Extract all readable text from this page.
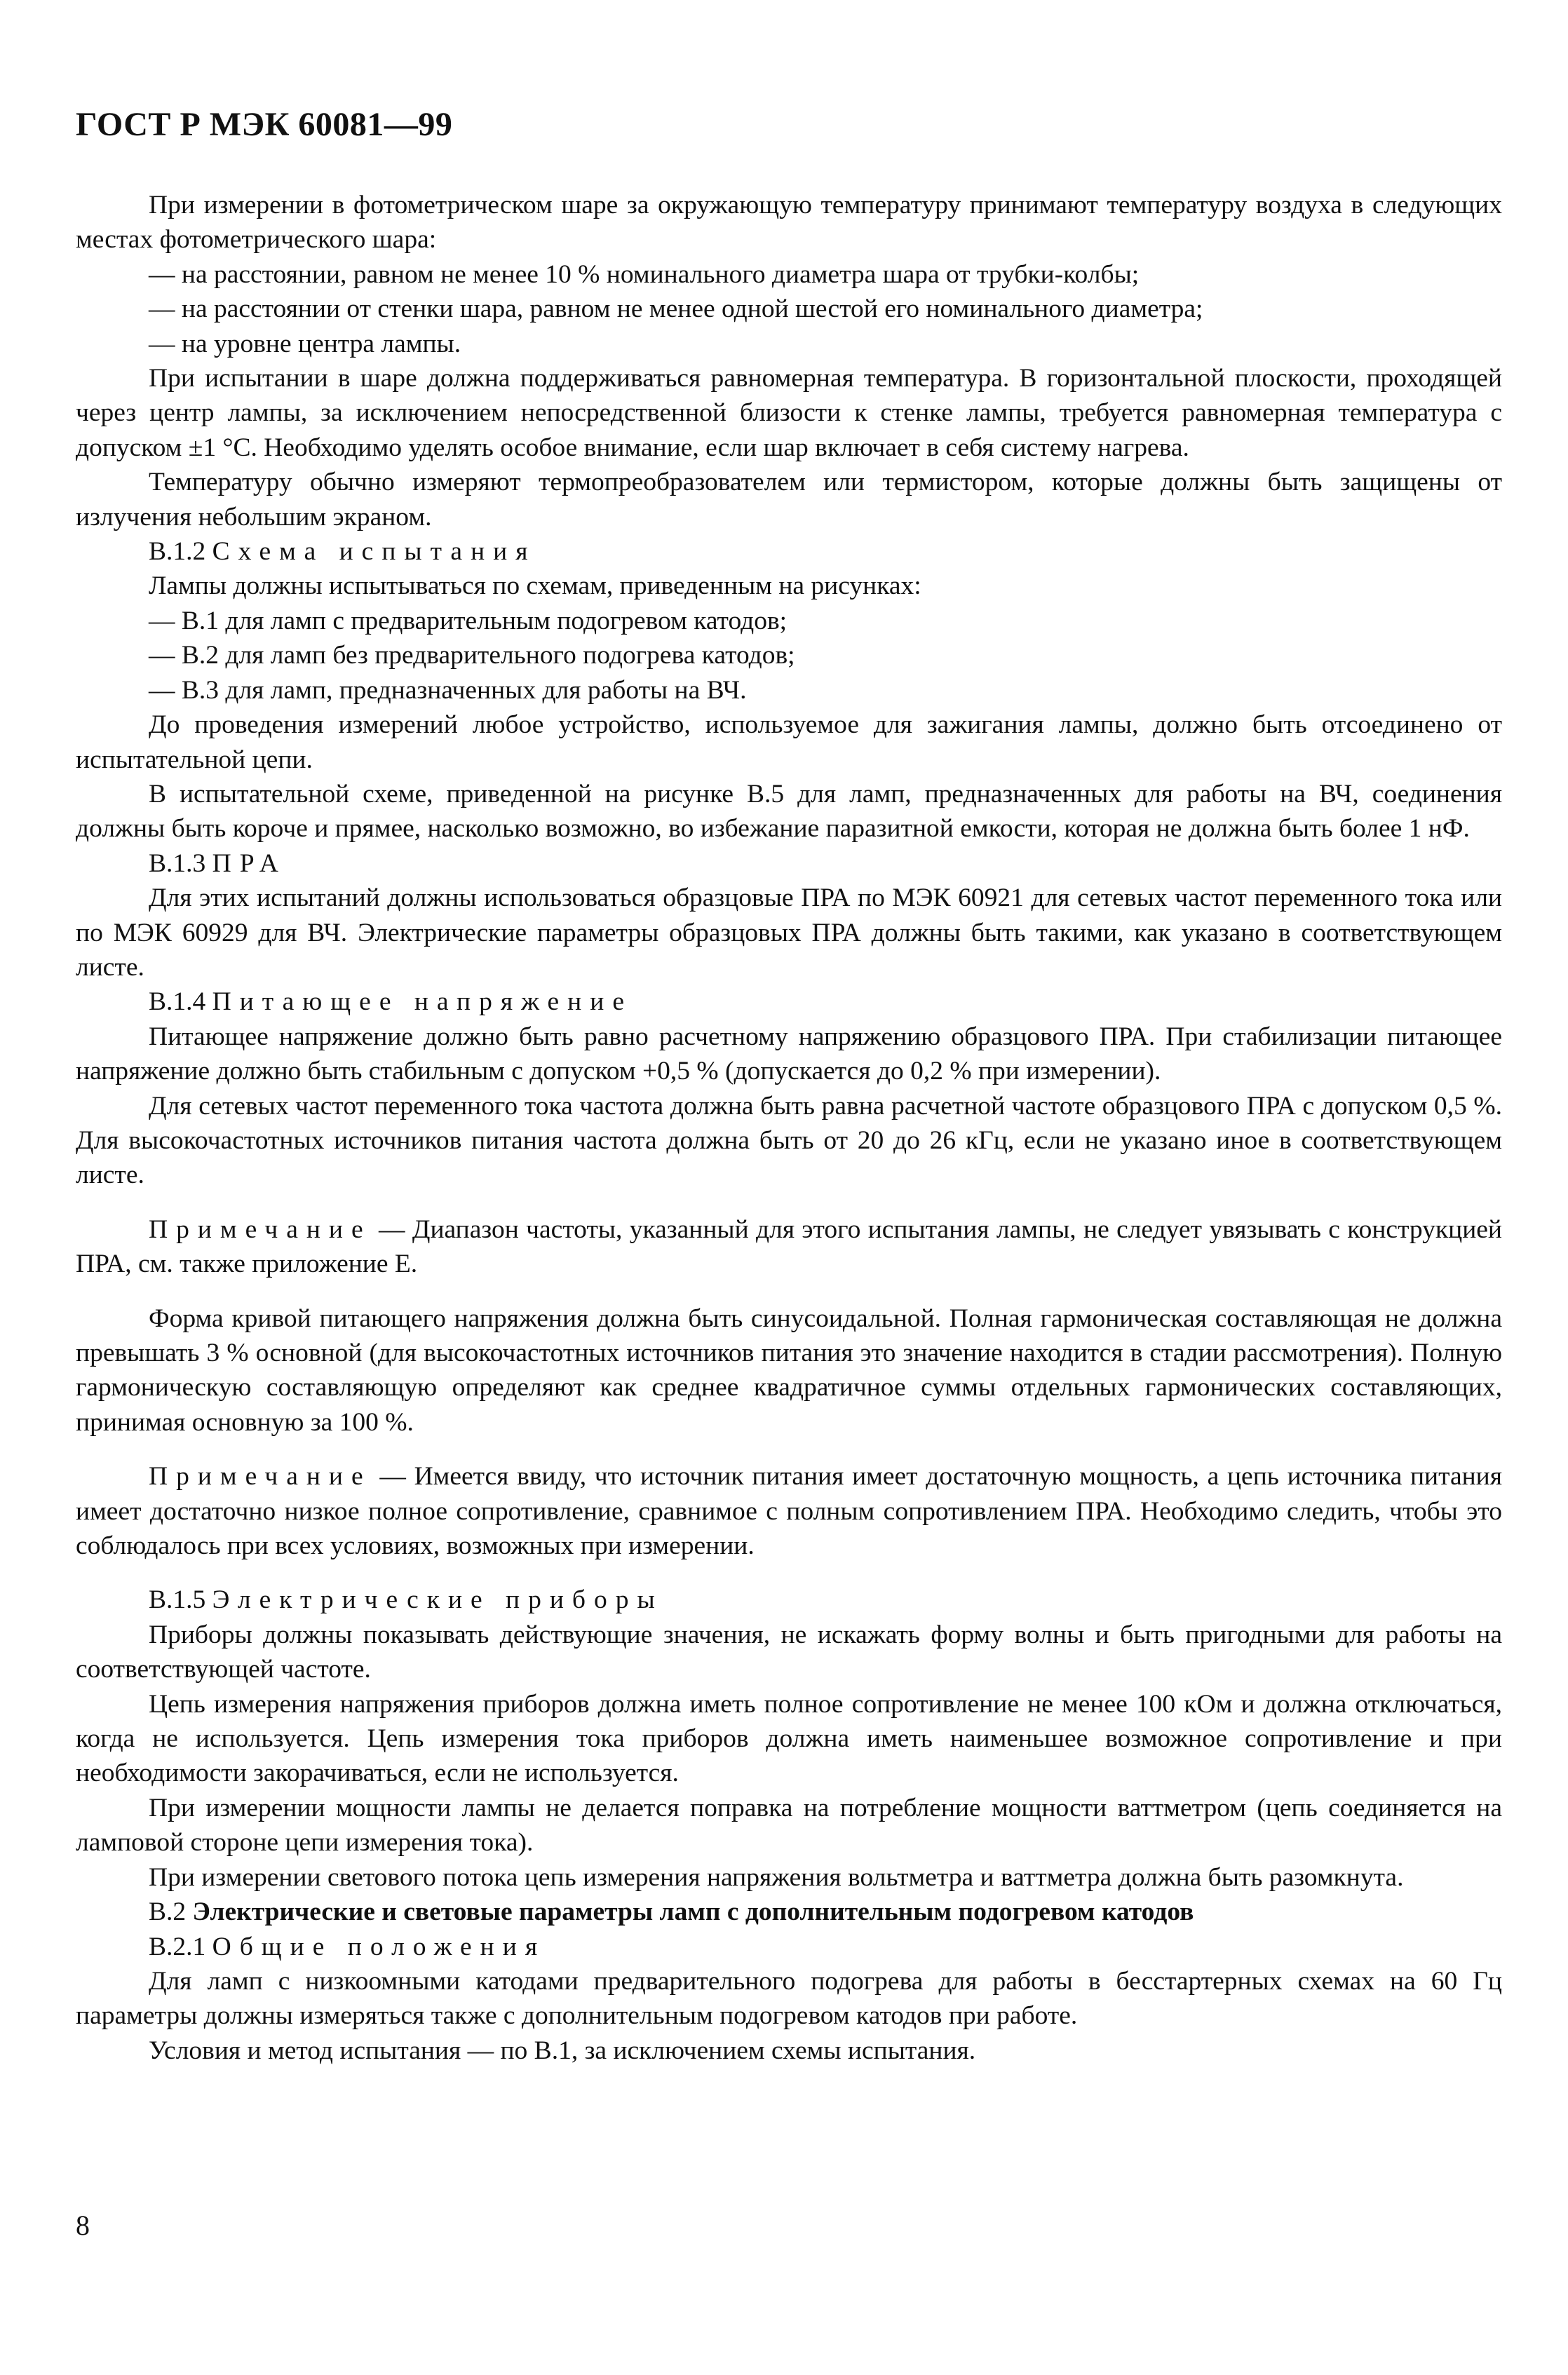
ГОСТ Р МЭК 60081—99

При измерении в фотометрическом шаре за окружающую температуру принимают температуру воздуха в следующих местах фотометрического шара:

— на расстоянии, равном не менее 10 % номинального диаметра шара от трубки-колбы;

— на расстоянии от стенки шара, равном не менее одной шестой его номинального диаметра;

— на уровне центра лампы.

При испытании в шаре должна поддерживаться равномерная температура. В горизонтальной плоскости, проходящей через центр лампы, за исключением непосредственной близости к стенке лампы, требуется равномерная температура с допуском ±1 °С. Необходимо уделять особое внимание, если шар включает в себя систему нагрева.

Температуру обычно измеряют термопреобразователем или термистором, которые должны быть защищены от излучения небольшим экраном.

В.1.2 Схема испытания

Лампы должны испытываться по схемам, приведенным на рисунках:

— В.1 для ламп с предварительным подогревом катодов;

— В.2 для ламп без предварительного подогрева катодов;

— В.3 для ламп, предназначенных для работы на ВЧ.

До проведения измерений любое устройство, используемое для зажигания лампы, должно быть отсоединено от испытательной цепи.

В испытательной схеме, приведенной на рисунке В.5 для ламп, предназначенных для работы на ВЧ, соединения должны быть короче и прямее, насколько возможно, во избежание паразитной емкости, которая не должна быть более 1 нФ.

В.1.3 ПРА

Для этих испытаний должны использоваться образцовые ПРА по МЭК 60921 для сетевых частот переменного тока или по МЭК 60929 для ВЧ. Электрические параметры образцовых ПРА должны быть такими, как указано в соответствующем листе.

В.1.4 Питающее напряжение

Питающее напряжение должно быть равно расчетному напряжению образцового ПРА. При стабилизации питающее напряжение должно быть стабильным с допуском +0,5 % (допускается до 0,2 % при измерении).

Для сетевых частот переменного тока частота должна быть равна расчетной частоте образцового ПРА с допуском 0,5 %. Для высокочастотных источников питания частота должна быть от 20 до 26 кГц, если не указано иное в соответствующем листе.

Примечание — Диапазон частоты, указанный для этого испытания лампы, не следует увязывать с конструкцией ПРА, см. также приложение Е.

Форма кривой питающего напряжения должна быть синусоидальной. Полная гармоническая составляющая не должна превышать 3 % основной (для высокочастотных источников питания это значение находится в стадии рассмотрения). Полную гармоническую составляющую определяют как среднее квадратичное суммы отдельных гармонических составляющих, принимая основную за 100 %.

Примечание — Имеется ввиду, что источник питания имеет достаточную мощность, а цепь источника питания имеет достаточно низкое полное сопротивление, сравнимое с полным сопротивлением ПРА. Необходимо следить, чтобы это соблюдалось при всех условиях, возможных при измерении.

В.1.5 Электрические приборы

Приборы должны показывать действующие значения, не искажать форму волны и быть пригодными для работы на соответствующей частоте.

Цепь измерения напряжения приборов должна иметь полное сопротивление не менее 100 кОм и должна отключаться, когда не используется. Цепь измерения тока приборов должна иметь наименьшее возможное сопротивление и при необходимости закорачиваться, если не используется.

При измерении мощности лампы не делается поправка на потребление мощности ваттметром (цепь соединяется на ламповой стороне цепи измерения тока).

При измерении светового потока цепь измерения напряжения вольтметра и ваттметра должна быть разомкнута.

В.2 Электрические и световые параметры ламп с дополнительным подогревом катодов

В.2.1 Общие положения

Для ламп с низкоомными катодами предварительного подогрева для работы в бесстартерных схемах на 60 Гц параметры должны измеряться также с дополнительным подогревом катодов при работе.

Условия и метод испытания — по В.1, за исключением схемы испытания.

8
